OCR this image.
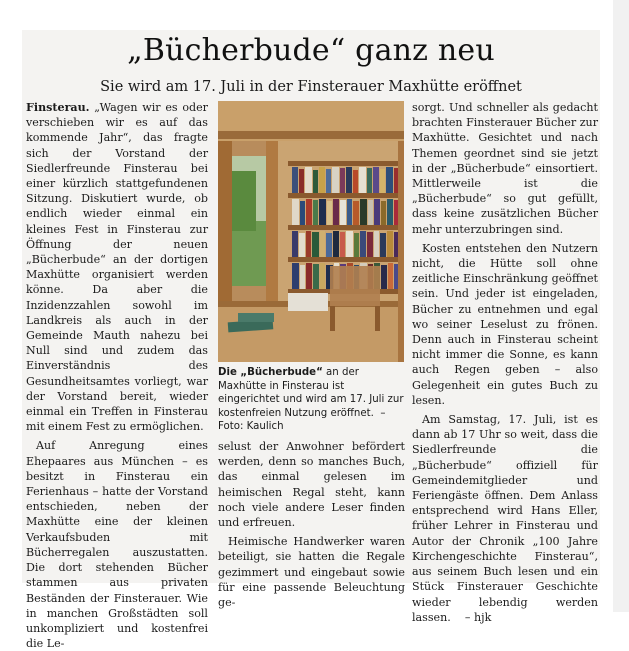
„Bücherbude“ ganz neu
Sie wird am 17. Juli in der Finsterauer Maxhütte eröffnet

Finsterau. „Wagen wir es oder verschieben wir es auf das kommende Jahr“, das fragte sich der Vorstand der Siedlerfreunde Finsterau bei einer kürzlich stattgefundenen Sitzung. Diskutiert wurde, ob endlich wieder einmal ein kleines Fest in Finsterau zur Öffnung der neuen „Bücherbude“ an der dortigen Maxhütte organisiert werden könne. Da aber die Inzidenzzahlen sowohl im Landkreis als auch in der Gemeinde Mauth nahezu bei Null sind und zudem das Einverständnis des Gesundheitsamtes vorliegt, war der Vorstand bereit, wieder einmal ein Treffen in Finsterau mit einem Fest zu ermöglichen.

Auf Anregung eines Ehepaares aus München – es besitzt in Finsterau ein Ferienhaus – hatte der Vorstand entschieden, neben der Maxhütte eine der kleinen Verkaufsbuden mit Bücherregalen auszustatten. Die dort stehenden Bücher stammen aus privaten Beständen der Finsterauer. Wie in manchen Großstädten soll unkompliziert und kostenfrei die Le-

Die „Bücherbude“ an der Maxhütte in Finsterau ist eingerichtet und wird am 17. Juli zur kostenfreien Nutzung eröffnet. – Foto: Kaulich

selust der Anwohner befördert werden, denn so manches Buch, das einmal gelesen im heimischen Regal steht, kann noch viele andere Leser finden und erfreuen.

Heimische Handwerker waren beteiligt, sie hatten die Regale gezimmert und eingebaut sowie für eine passende Beleuchtung ge-

sorgt. Und schneller als gedacht brachten Finsterauer Bücher zur Maxhütte. Gesichtet und nach Themen geordnet sind sie jetzt in der „Bücherbude“ einsortiert. Mittlerweile ist die „Bücherbude“ so gut gefüllt, dass keine zusätzlichen Bücher mehr unterzubringen sind.

Kosten entstehen den Nutzern nicht, die Hütte soll ohne zeitliche Einschränkung geöffnet sein. Und jeder ist eingeladen, Bücher zu entnehmen und egal wo seiner Leselust zu frönen. Denn auch in Finsterau scheint nicht immer die Sonne, es kann auch Regen geben – also Gelegenheit ein gutes Buch zu lesen.

Am Samstag, 17. Juli, ist es dann ab 17 Uhr so weit, dass die Siedlerfreunde die „Bücherbude“ offiziell für Gemeindemitglieder und Feriengäste öffnen. Dem Anlass entsprechend wird Hans Eller, früher Lehrer in Finsterau und Autor der Chronik „100 Jahre Kirchengeschichte Finsterau“, aus seinem Buch lesen und ein Stück Finsterauer Geschichte wieder lebendig werden lassen. – hjk
